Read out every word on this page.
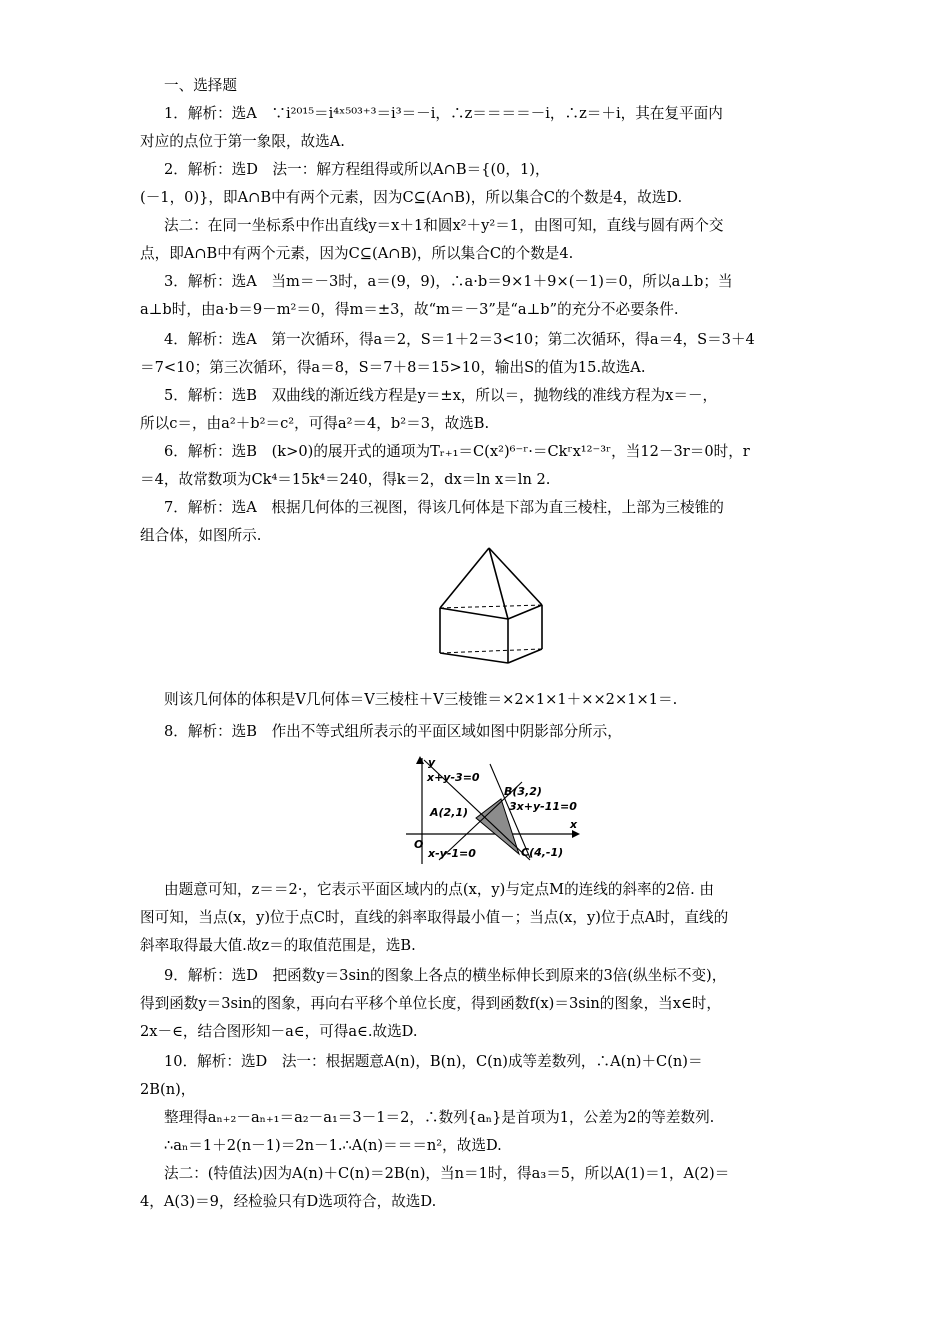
一、选择题
1．解析：选A　∵i²⁰¹⁵＝i⁴ˣ⁵⁰³⁺³＝i³＝－i，∴z＝＝＝＝－i，∴z＝＋i，其在复平面内
对应的点位于第一象限，故选A.
2．解析：选D　法一：解方程组得或所以A∩B＝{(0，1)，
(－1，0)}，即A∩B中有两个元素，因为C⊆(A∩B)，所以集合C的个数是4，故选D.
法二：在同一坐标系中作出直线y＝x＋1和圆x²＋y²＝1，由图可知，直线与圆有两个交
点，即A∩B中有两个元素，因为C⊆(A∩B)，所以集合C的个数是4.
3．解析：选A　当m＝－3时，a＝(9，9)，∴a·b＝9×1＋9×(－1)＝0，所以a⊥b；当
a⊥b时，由a·b＝9－m²＝0，得m＝±3，故“m＝－3”是“a⊥b”的充分不必要条件.
4．解析：选A　第一次循环，得a＝2，S＝1＋2＝3<10；第二次循环，得a＝4，S＝3＋4
＝7<10；第三次循环，得a＝8，S＝7＋8＝15>10，输出S的值为15.故选A.
5．解析：选B　双曲线的渐近线方程是y＝±x，所以＝，抛物线的准线方程为x＝－，
所以c＝，由a²＋b²＝c²，可得a²＝4，b²＝3，故选B.
6．解析：选B　(k>0)的展开式的通项为Tᵣ₊₁＝C(x²)⁶⁻ʳ·＝Ckʳx¹²⁻³ʳ，当12－3r＝0时，r
＝4，故常数项为Ck⁴＝15k⁴＝240，得k＝2，dx＝ln x＝ln 2.
7．解析：选A　根据几何体的三视图，得该几何体是下部为直三棱柱，上部为三棱锥的
组合体，如图所示.
则该几何体的体积是V几何体＝V三棱柱＋V三棱锥＝×2×1×1＋××2×1×1＝.
8．解析：选B　作出不等式组所表示的平面区域如图中阴影部分所示，
由题意可知，z＝＝2·，它表示平面区域内的点(x，y)与定点M的连线的斜率的2倍. 由
图可知，当点(x，y)位于点C时，直线的斜率取得最小值－；当点(x，y)位于点A时，直线的
斜率取得最大值.故z＝的取值范围是，选B.
9．解析：选D　把函数y＝3sin的图象上各点的横坐标伸长到原来的3倍(纵坐标不变)，
得到函数y＝3sin的图象，再向右平移个单位长度，得到函数f(x)＝3sin的图象，当x∈时，
2x－∈，结合图形知－a∈，可得a∈.故选D.
10．解析：选D　法一：根据题意A(n)，B(n)，C(n)成等差数列，∴A(n)＋C(n)＝
2B(n)，
整理得aₙ₊₂－aₙ₊₁＝a₂－a₁＝3－1＝2，∴数列{aₙ}是首项为1，公差为2的等差数列.
∴aₙ＝1＋2(n－1)＝2n－1.∴A(n)＝＝＝n²，故选D.
法二：(特值法)因为A(n)＋C(n)＝2B(n)，当n＝1时，得a₃＝5，所以A(1)＝1，A(2)＝
4，A(3)＝9，经检验只有D选项符合，故选D.
y
x
O
x+y-3=0
3x+y-11=0
x-y-1=0
A(2,1)
B(3,2)
C(4,-1)
